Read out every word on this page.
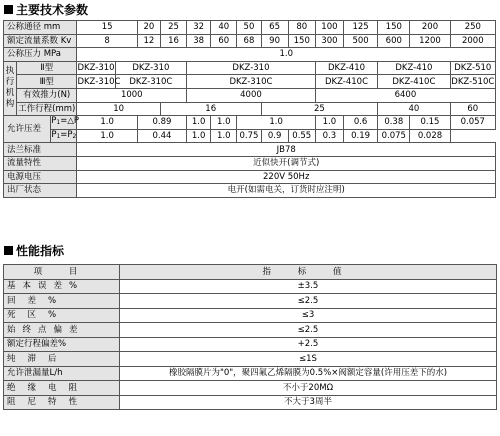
主要技术参数
公称通径 mm			15		20	25	32	40	50	65	80	100	125	150	200	250
额定流量系数 Kv			8		12	16	38	60	68	90	150	300	500	600	1200	2000
公称压力 MPa			1.0													
执行机构	Ⅱ型		DKZ-310	DKZ-310			DKZ-310					DKZ-410		DKZ-410		DKZ-510
	Ⅲ型		DKZ-310C	DKZ-310C			DKZ-310C					DKZ-410C		DKZ-410C		DKZ-510C
	有效推力(N)		1000				4000					6400				
	工作行程(mm)		10			16				25				40		60
允许压差		P1=△P	1.0		0.89		1.0	1.0	1.0			1.0	0.6	0.38	0.15	0.057
		P1=P2	1.0		0.44		1.0	1.0	0.75	0.9	0.55	0.3	0.19	0.075	0.028	
法兰标准			JB78													
流量特性			近似快开(调节式)													
电源电压			220V 50Hz													
出厂状态			电开(如需电关，订货时应注明)													
性能指标
项 目	指 标 值
基本误差%	±3.5
回差%	≤2.5
死区%	≤3
始终点偏差	≤2.5
额定行程偏差%	+2.5
纯滞后	≤1S
允许泄漏量L/h	橡胶隔膜片为"0"，聚四氟乙烯隔膜为0.5%×阀额定容量(许用压差下的水)
绝缘电阻	不小于20MΩ
阻尼特性	不大于3周半
